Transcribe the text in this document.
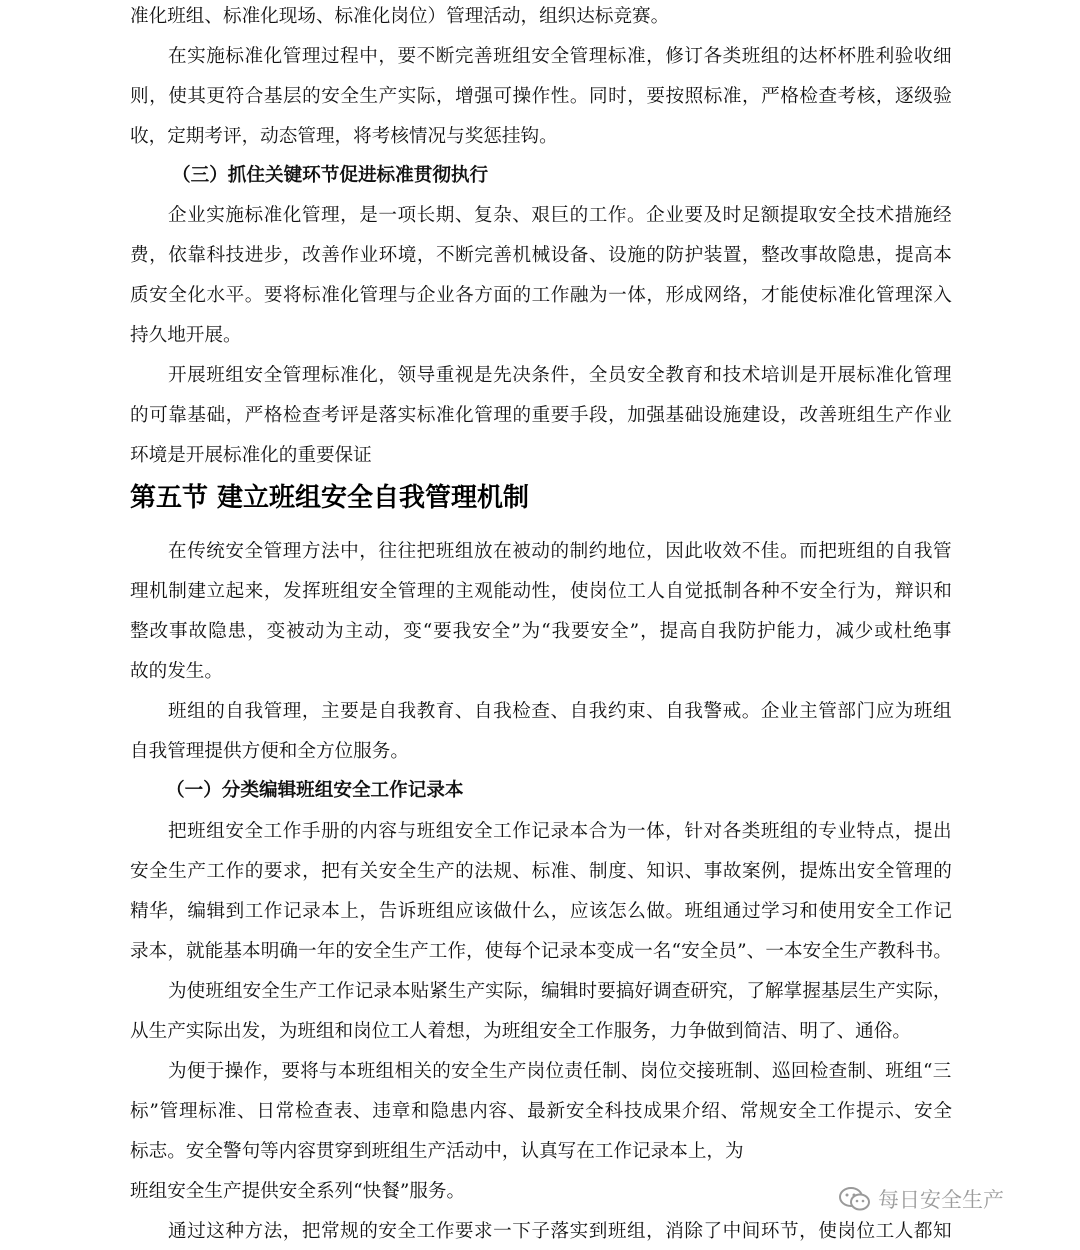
准化班组、标准化现场、标准化岗位）管理活动，组织达标竞赛。
在 实 施 标 准 化 管 理 过 程 中 ， 要 不 断 完 善 班 组 安 全 管 理 标 准 ， 修 订 各 类 班 组 的 达 杯 杯 胜 利 验 收 细
则 ， 使 其 更 符 合 基 层 的 安 全 生 产 实 际 ， 增 强 可 操 作 性 。 同 时 ， 要 按 照 标 准 ， 严 格 检 查 考 核 ， 逐 级 验
收，定期考评，动态管理，将考核情况与奖惩挂钩。
（三）抓住关键环节促进标准贯彻执行
企 业 实 施 标 准 化 管 理 ， 是 一 项 长 期 、 复 杂 、 艰 巨 的 工 作 。 企 业 要 及 时 足 额 提 取 安 全 技 术 措 施 经
费 ， 依 靠 科 技 进 步 ， 改 善 作 业 环 境 ， 不 断 完 善 机 械 设 备 、 设 施 的 防 护 装 置 ， 整 改 事 故 隐 患 ， 提 高 本
质 安 全 化 水 平 。 要 将 标 准 化 管 理 与 企 业 各 方 面 的 工 作 融 为 一 体 ， 形 成 网 络 ， 才 能 使 标 准 化 管 理 深 入
持久地开展。
开 展 班 组 安 全 管 理 标 准 化 ， 领 导 重 视 是 先 决 条 件 ， 全 员 安 全 教 育 和 技 术 培 训 是 开 展 标 准 化 管 理
的 可 靠 基 础 ， 严 格 检 查 考 评 是 落 实 标 准 化 管 理 的 重 要 手 段 ， 加 强 基 础 设 施 建 设 ， 改 善 班 组 生 产 作 业
环境是开展标准化的重要保证
第五节 建立班组安全自我管理机制
在 传 统 安 全 管 理 方 法 中 ， 往 往 把 班 组 放 在 被 动 的 制 约 地 位 ， 因 此 收 效 不 佳 。 而 把 班 组 的 自 我 管
理 机 制 建 立 起 来 ， 发 挥 班 组 安 全 管 理 的 主 观 能 动 性 ， 使 岗 位 工 人 自 觉 抵 制 各 种 不 安 全 行 为 ， 辩 识 和
整 改 事 故 隐 患 ， 变 被 动 为 主 动 ， 变 “ 要 我 安 全 ” 为 “ 我 要 安 全 ” ， 提 高 自 我 防 护 能 力 ， 减 少 或 杜 绝 事
故的发生。
班 组 的 自 我 管 理 ， 主 要 是 自 我 教 育 、 自 我 检 查 、 自 我 约 束 、 自 我 警 戒 。 企 业 主 管 部 门 应 为 班 组
自我管理提供方便和全方位服务。
（一）分类编辑班组安全工作记录本
把 班 组 安 全 工 作 手 册 的 内 容 与 班 组 安 全 工 作 记 录 本 合 为 一 体 ， 针 对 各 类 班 组 的 专 业 特 点 ， 提 出
安 全 生 产 工 作 的 要 求 ， 把 有 关 安 全 生 产 的 法 规 、 标 准 、 制 度 、 知 识 、 事 故 案 例 ， 提 炼 出 安 全 管 理 的
精 华 ， 编 辑 到 工 作 记 录 本 上 ， 告 诉 班 组 应 该 做 什 么 ， 应 该 怎 么 做 。 班 组 通 过 学 习 和 使 用 安 全 工 作 记
录 本 ， 就 能 基 本 明 确 一 年 的 安 全 生 产 工 作 ， 使 每 个 记 录 本 变 成 一 名 “ 安 全 员 ” 、 一 本 安 全 生 产 教 科 书 。
为 使 班 组 安 全 生 产 工 作 记 录 本 贴 紧 生 产 实 际 ， 编 辑 时 要 搞 好 调 查 研 究 ， 了 解 掌 握 基 层 生 产 实 际 ，
从生产实际出发，为班组和岗位工人着想，为班组安全工作服务，力争做到简洁、明了、通俗。
为 便 于 操 作 ， 要 将 与 本 班 组 相 关 的 安 全 生 产 岗 位 责 任 制 、 岗 位 交 接 班 制 、 巡 回 检 查 制 、 班 组 “ 三
标 ” 管 理 标 准 、 日 常 检 查 表 、 违 章 和 隐 患 内 容 、 最 新 安 全 科 技 成 果 介 绍 、 常 规 安 全 工 作 提 示 、 安 全
标志。安全警句等内容贯穿到班组生产活动中，认真写在工作记录本上，为
班组安全生产提供安全系列“快餐”服务。
通 过 这 种 方 法 ， 把 常 规 的 安 全 工 作 要 求 一 下 子 落 实 到 班 组 ， 消 除 了 中 间 环 节 ， 使 岗 位 工 人 都 知
每日安全生产
